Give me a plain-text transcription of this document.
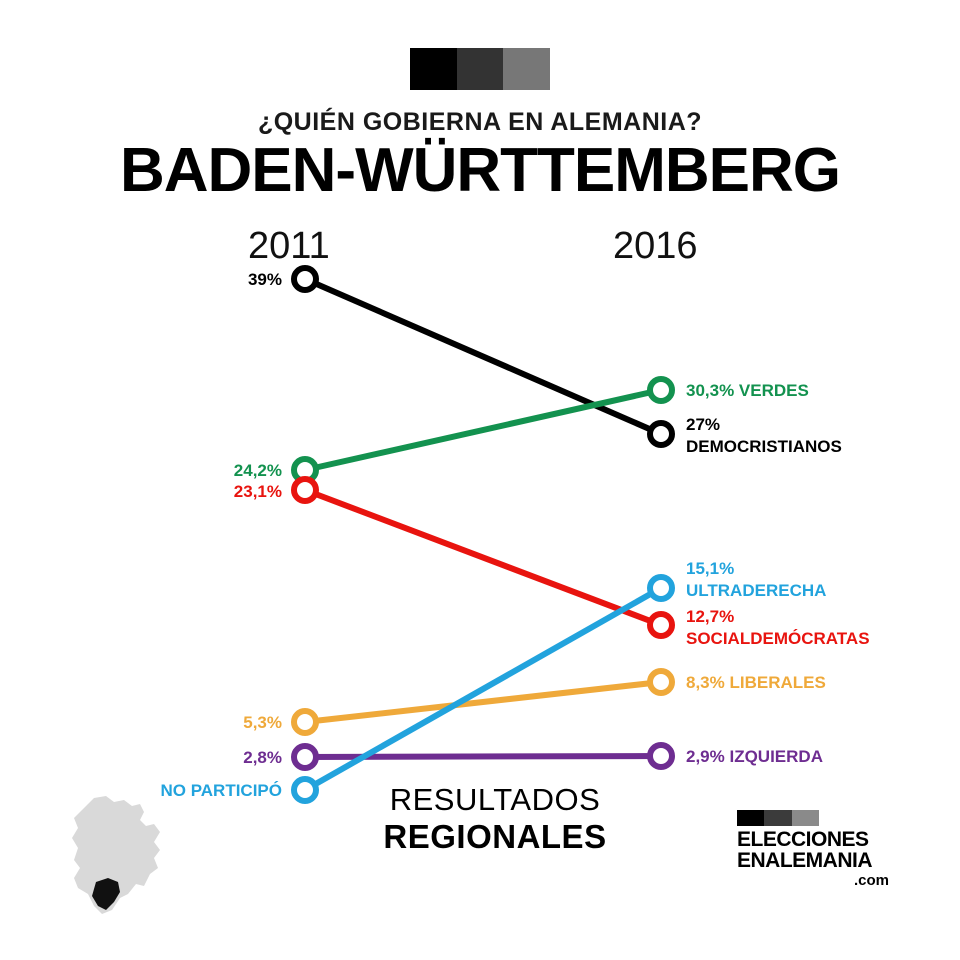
¿QUIÉN GOBIERNA EN ALEMANIA?
BADEN-WÜRTTEMBERG
2011	2016
39%
24,2%
23,1%
5,3%
2,8%
NO PARTICIPÓ
30,3% VERDES
27%
DEMOCRISTIANOS
15,1%
ULTRADERECHA
12,7%
SOCIALDEMÓCRATAS
8,3% LIBERALES
2,9% IZQUIERDA
RESULTADOS
REGIONALES	ELECCIONES
ENALEMANIA
.com
